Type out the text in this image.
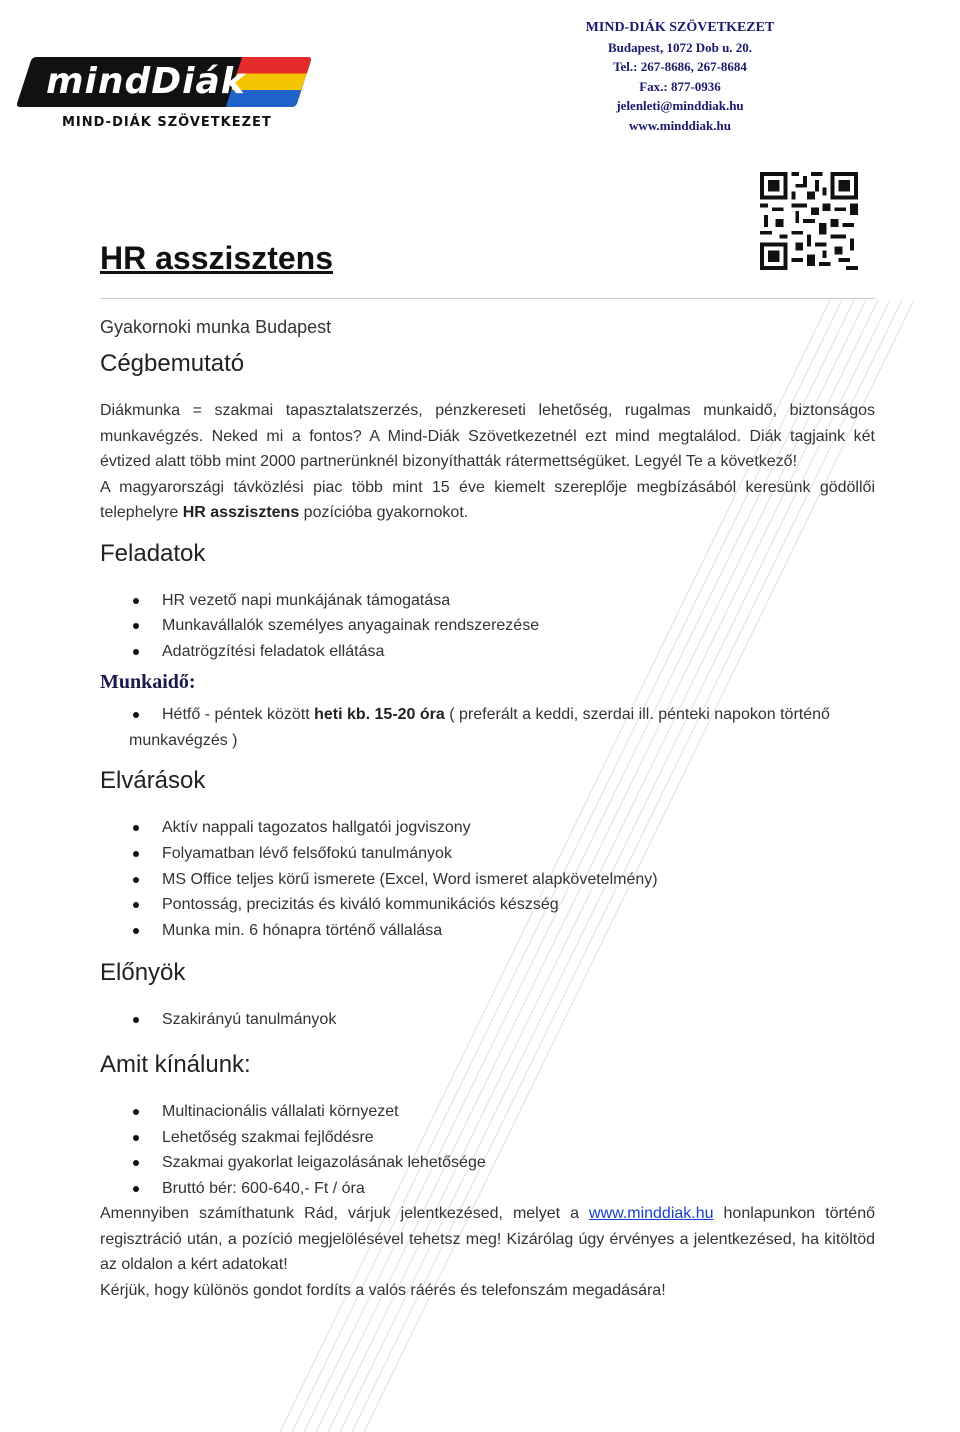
mindDiák
MIND-DIÁK SZÖVETKEZET
MIND-DIÁK SZÖVETKEZET
Budapest, 1072 Dob u. 20.
Tel.: 267-8686, 267-8684
Fax.: 877-0936
jelenleti@minddiak.hu
www.minddiak.hu
HR asszisztens

Gyakornoki munka Budapest

Cégbemutató

Diákmunka = szakmai tapasztalatszerzés, pénzkereseti lehetőség, rugalmas munkaidő, biztonságos munkavégzés. Neked mi a fontos? A Mind-Diák Szövetkezetnél ezt mind megtalálod. Diák tagjaink két évtized alatt több mint 2000 partnerünknél bizonyíthatták rátermettségüket. Legyél Te a következő!

A magyarországi távközlési piac több mint 15 éve kiemelt szereplője megbízásából keresünk gödöllői telephelyre HR asszisztens pozícióba gyakornokot.

Feladatok
HR vezető napi munkájának támogatása
Munkavállalók személyes anyagainak rendszerezése
Adatrögzítési feladatok ellátása

Munkaidő:

Hétfő - péntek között heti kb. 15-20 óra ( preferált a keddi, szerdai ill. pénteki napokon történő
munkavégzés )
Elvárások
Aktív nappali tagozatos hallgatói jogviszony
Folyamatban lévő felsőfokú tanulmányok
MS Office teljes körű ismerete (Excel, Word ismeret alapkövetelmény)
Pontosság, precizitás és kiváló kommunikációs készség
Munka min. 6 hónapra történő vállalása
Előnyök
Szakirányú tanulmányok
Amit kínálunk:
Multinacionális vállalati környezet
Lehetőség szakmai fejlődésre
Szakmai gyakorlat leigazolásának lehetősége
Bruttó bér: 600-640,- Ft / óra

Amennyiben számíthatunk Rád, várjuk jelentkezésed, melyet a www.minddiak.hu honlapunkon történő regisztráció után, a pozíció megjelölésével tehetsz meg! Kizárólag úgy érvényes a jelentkezésed, ha kitöltöd az oldalon a kért adatokat!

Kérjük, hogy különös gondot fordíts a valós ráérés és telefonszám megadására!
